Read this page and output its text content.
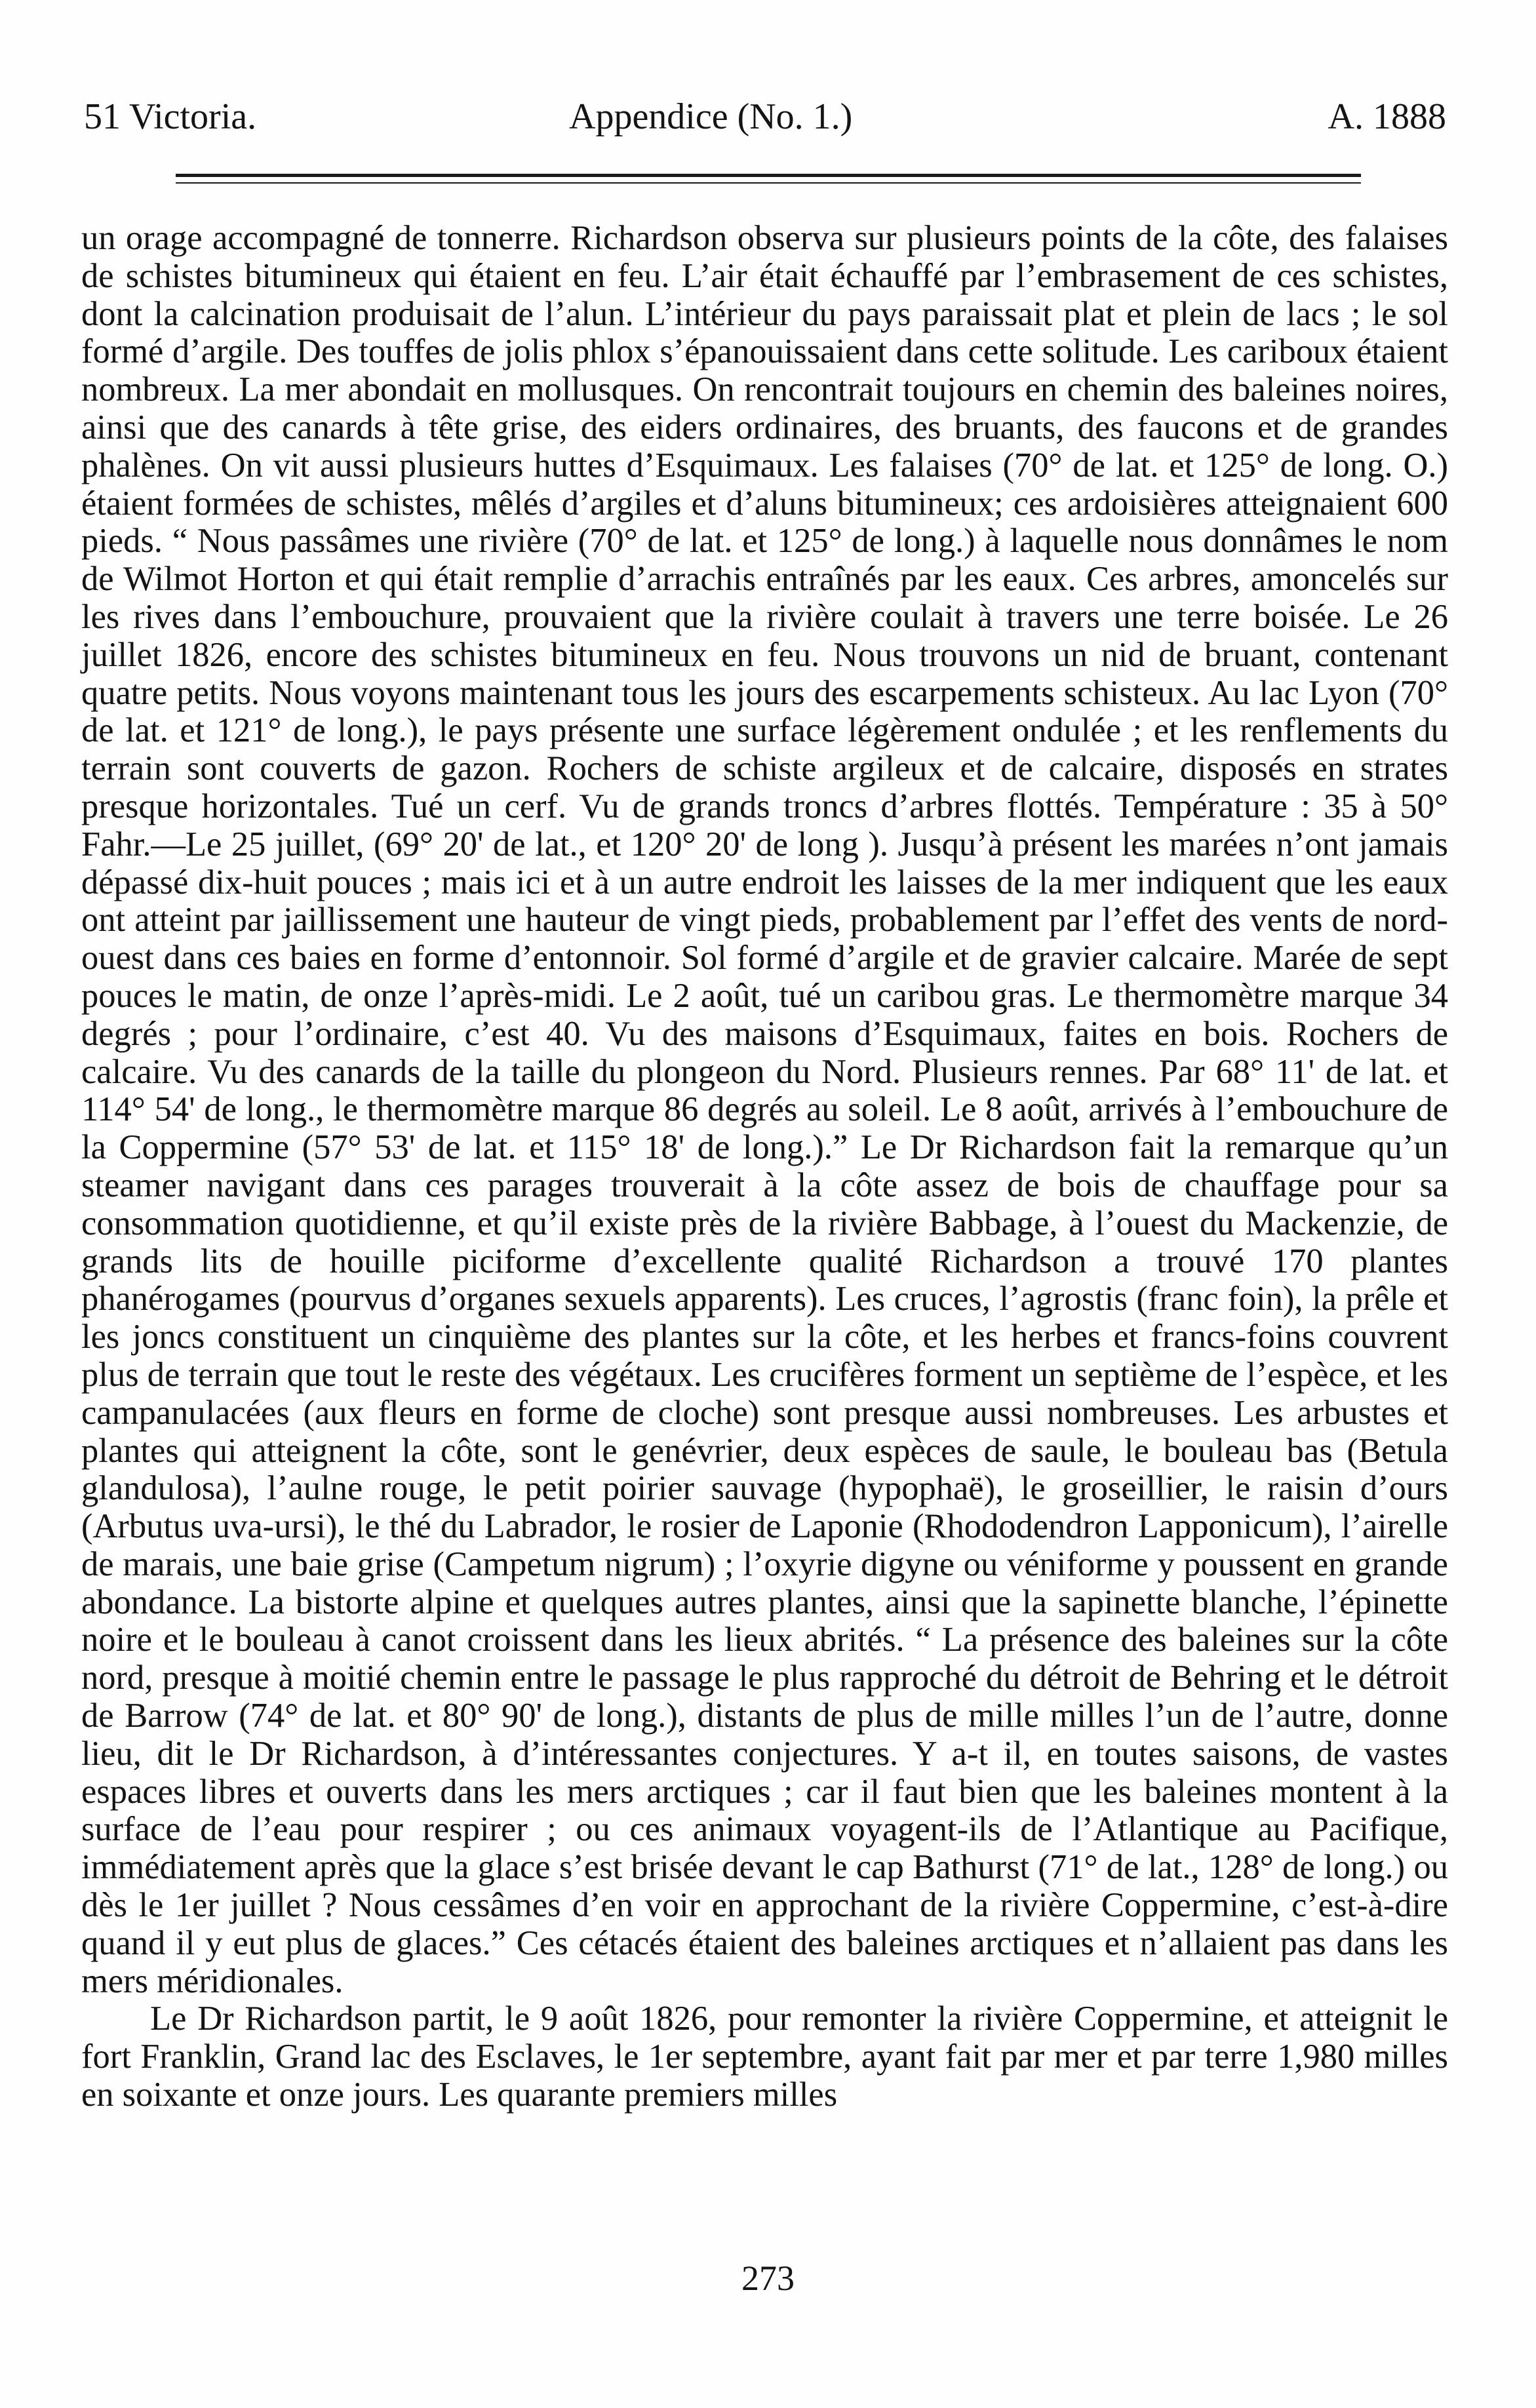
51 Victoria.	Appendice (No. 1.)	A. 1888

un orage accompagné de tonnerre. Richardson observa sur plusieurs points de la côte, des falaises de schistes bitumineux qui étaient en feu. L’air était échauffé par l’embrasement de ces schistes, dont la calcination produisait de l’alun. L’intérieur du pays paraissait plat et plein de lacs ; le sol formé d’argile. Des touffes de jolis phlox s’épanouissaient dans cette solitude. Les cariboux étaient nombreux. La mer abondait en mollusques. On rencontrait toujours en chemin des baleines noires, ainsi que des canards à tête grise, des eiders ordinaires, des bruants, des faucons et de grandes phalènes. On vit aussi plusieurs huttes d’Esquimaux. Les falaises (70° de lat. et 125° de long. O.) étaient formées de schistes, mêlés d’argiles et d’aluns bitumineux; ces ardoisières atteignaient 600 pieds. “ Nous passâmes une rivière (70° de lat. et 125° de long.) à laquelle nous donnâmes le nom de Wilmot Horton et qui était remplie d’arrachis entraînés par les eaux. Ces arbres, amoncelés sur les rives dans l’embouchure, prouvaient que la rivière coulait à travers une terre boisée. Le 26 juillet 1826, encore des schistes bitumineux en feu. Nous trouvons un nid de bruant, contenant quatre petits. Nous voyons maintenant tous les jours des escarpements schisteux. Au lac Lyon (70° de lat. et 121° de long.), le pays présente une surface légèrement ondulée ; et les renflements du terrain sont couverts de gazon. Rochers de schiste argileux et de calcaire, disposés en strates presque horizontales. Tué un cerf. Vu de grands troncs d’arbres flottés. Température : 35 à 50° Fahr.—Le 25 juillet, (69° 20' de lat., et 120° 20' de long ). Jusqu’à présent les marées n’ont jamais dépassé dix-huit pouces ; mais ici et à un autre endroit les laisses de la mer indiquent que les eaux ont atteint par jaillissement une hauteur de vingt pieds, probablement par l’effet des vents de nord-ouest dans ces baies en forme d’entonnoir. Sol formé d’argile et de gravier calcaire. Marée de sept pouces le matin, de onze l’après-midi. Le 2 août, tué un caribou gras. Le thermomètre marque 34 degrés ; pour l’ordinaire, c’est 40. Vu des maisons d’Esquimaux, faites en bois. Rochers de calcaire. Vu des canards de la taille du plongeon du Nord. Plusieurs rennes. Par 68° 11' de lat. et 114° 54' de long., le thermomètre marque 86 degrés au soleil. Le 8 août, arrivés à l’embouchure de la Coppermine (57° 53' de lat. et 115° 18' de long.).” Le Dr Richardson fait la remarque qu’un steamer navigant dans ces parages trouverait à la côte assez de bois de chauffage pour sa consommation quotidienne, et qu’il existe près de la rivière Babbage, à l’ouest du Mackenzie, de grands lits de houille piciforme d’excellente qualité Richardson a trouvé 170 plantes phanérogames (pourvus d’organes sexuels apparents). Les cruces, l’agrostis (franc foin), la prêle et les joncs constituent un cinquième des plantes sur la côte, et les herbes et francs-foins couvrent plus de terrain que tout le reste des végétaux. Les crucifères forment un septième de l’espèce, et les campanulacées (aux fleurs en forme de cloche) sont presque aussi nombreuses. Les arbustes et plantes qui atteignent la côte, sont le genévrier, deux espèces de saule, le bouleau bas (Betula glandulosa), l’aulne rouge, le petit poirier sauvage (hypophaë), le groseillier, le raisin d’ours (Arbutus uva-ursi), le thé du Labrador, le rosier de Laponie (Rhododendron Lapponicum), l’airelle de marais, une baie grise (Campetum nigrum) ; l’oxyrie digyne ou véniforme y poussent en grande abondance. La bistorte alpine et quelques autres plantes, ainsi que la sapinette blanche, l’épinette noire et le bouleau à canot croissent dans les lieux abrités. “ La présence des baleines sur la côte nord, presque à moitié chemin entre le passage le plus rapproché du détroit de Behring et le détroit de Barrow (74° de lat. et 80° 90' de long.), distants de plus de mille milles l’un de l’autre, donne lieu, dit le Dr Richardson, à d’intéressantes conjectures. Y a-t il, en toutes saisons, de vastes espaces libres et ouverts dans les mers arctiques ; car il faut bien que les baleines montent à la surface de l’eau pour respirer ; ou ces animaux voyagent-ils de l’Atlantique au Pacifique, immédiatement après que la glace s’est brisée devant le cap Bathurst (71° de lat., 128° de long.) ou dès le 1er juillet ? Nous cessâmes d’en voir en approchant de la rivière Coppermine, c’est-à-dire quand il y eut plus de glaces.” Ces cétacés étaient des baleines arctiques et n’allaient pas dans les mers méridionales.

Le Dr Richardson partit, le 9 août 1826, pour remonter la rivière Coppermine, et atteignit le fort Franklin, Grand lac des Esclaves, le 1er septembre, ayant fait par mer et par terre 1,980 milles en soixante et onze jours. Les quarante premiers milles

273
